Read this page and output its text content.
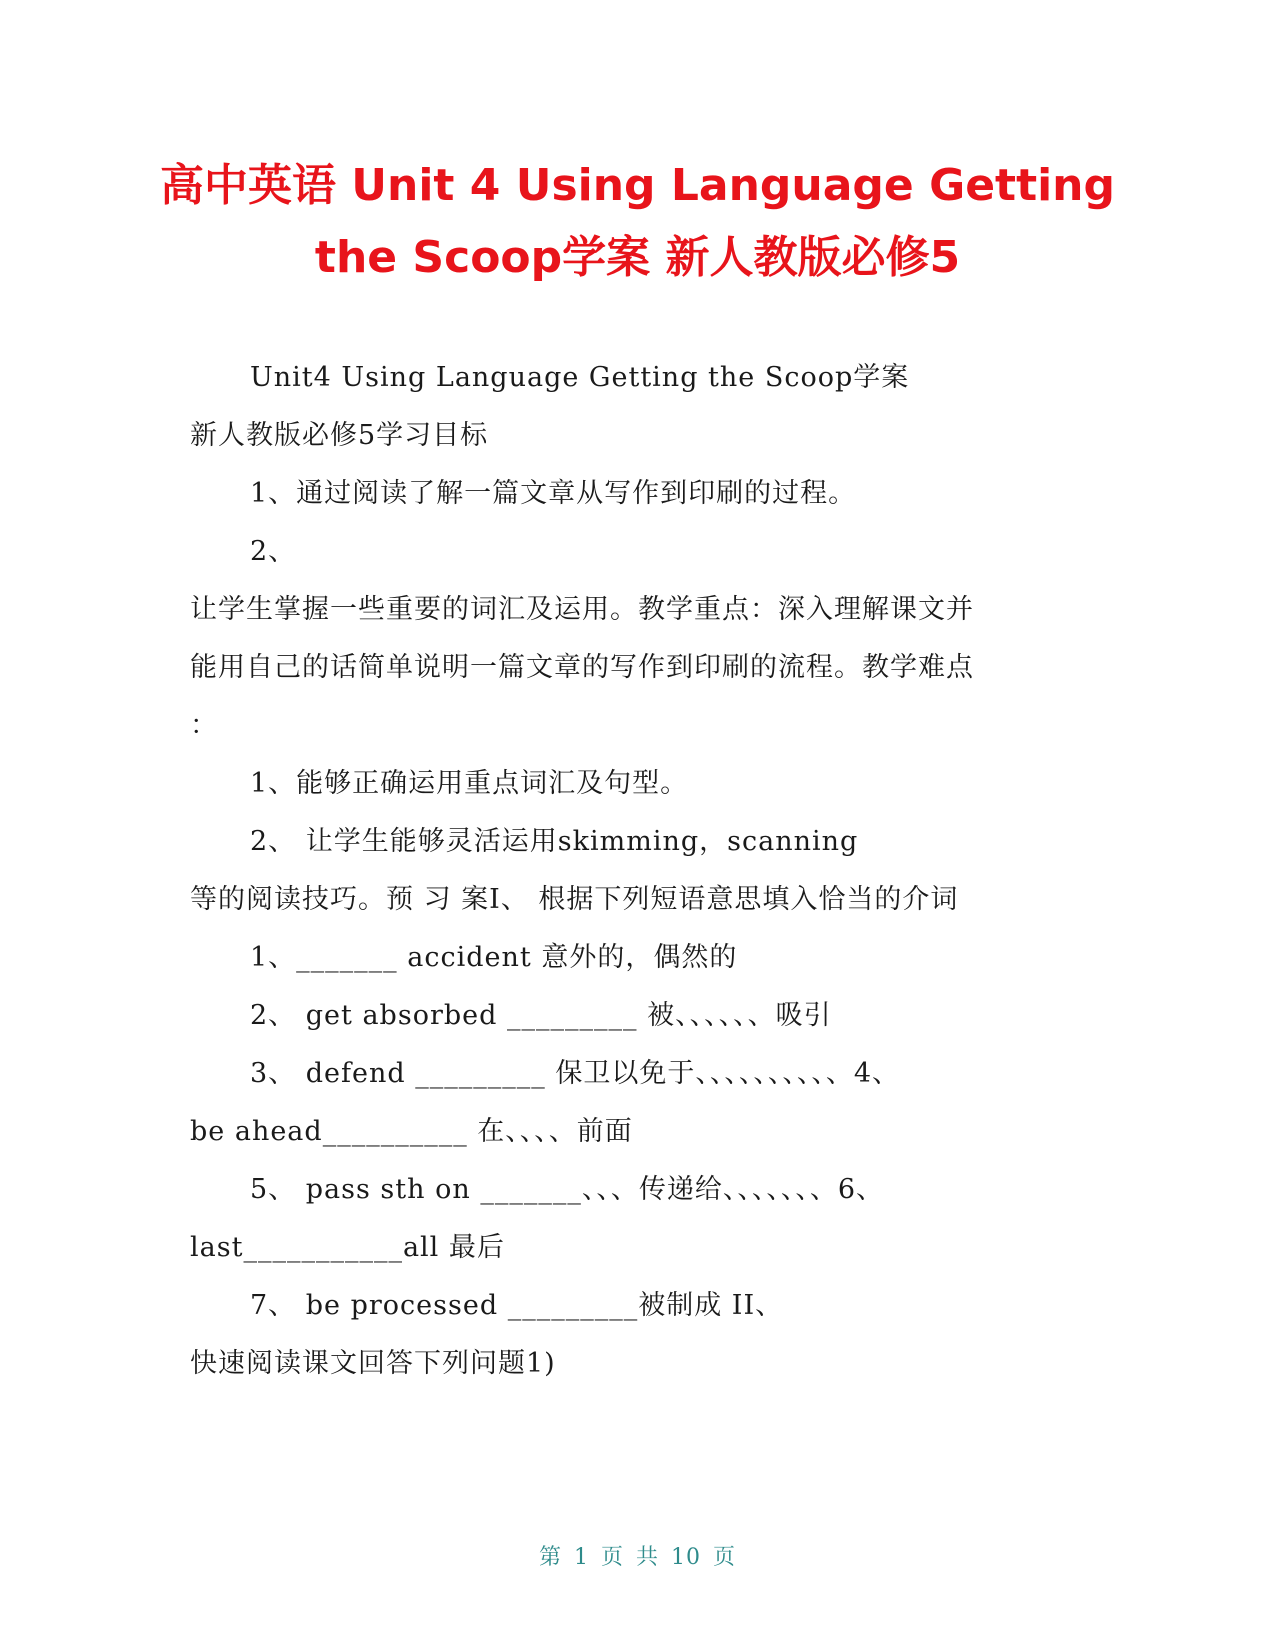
高中英语 Unit 4 Using Language Getting
the Scoop学案 新人教版必修5
Unit4 Using Language Getting the Scoop学案
新人教版必修5学习目标
1、通过阅读了解一篇文章从写作到印刷的过程。
2、
让学生掌握一些重要的词汇及运用。教学重点：深入理解课文并
能用自己的话简单说明一篇文章的写作到印刷的流程。教学难点
：
1、能够正确运用重点词汇及句型。
2、 让学生能够灵活运用skimming，scanning
等的阅读技巧。预 习 案I、 根据下列短语意思填入恰当的介词
1、_______ accident 意外的，偶然的
2、 get absorbed _________ 被、、、、、、吸引
3、 defend _________ 保卫以免于、、、、、、、、、、4、
be ahead__________ 在、、、、前面
5、 pass sth on _______、、、传递给、、、、、、、6、
last___________all 最后
7、 be processed _________被制成 II、
快速阅读课文回答下列问题1)
第 1 页 共 10 页
